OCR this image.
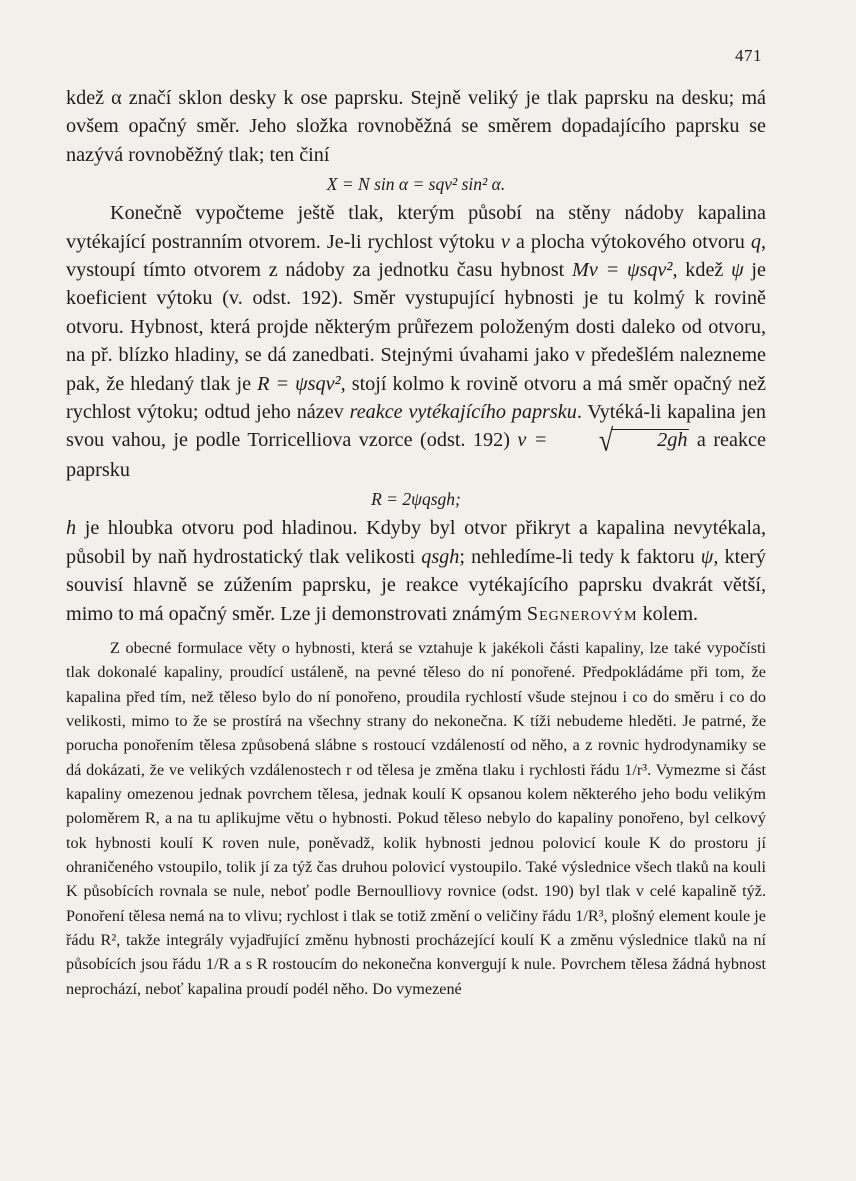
471

kdež α značí sklon desky k ose paprsku. Stejně veliký je tlak paprsku na desku; má ovšem opačný směr. Jeho složka rovnoběžná se směrem dopadajícího paprsku se nazývá rovnoběžný tlak; ten činí

X = N sin α = sqv² sin² α.

Konečně vypočteme ještě tlak, kterým působí na stěny nádoby kapalina vytékající postranním otvorem. Je-li rychlost výtoku v a plocha výtokového otvoru q, vystoupí tímto otvorem z nádoby za jednotku času hybnost Mv = ψsqv², kdež ψ je koeficient výtoku (v. odst. 192). Směr vystupující hybnosti je tu kolmý k rovině otvoru. Hybnost, která projde některým průřezem položeným dosti daleko od otvoru, na př. blízko hladiny, se dá zanedbati. Stejnými úvahami jako v předešlém nalezneme pak, že hledaný tlak je R = ψsqv², stojí kolmo k rovině otvoru a má směr opačný než rychlost výtoku; odtud jeho název reakce vytékajícího paprsku. Vytéká-li kapalina jen svou vahou, je podle Torricelliova vzorce (odst. 192) v = √ 2gh a reakce paprsku

R = 2ψqsgh;

h je hloubka otvoru pod hladinou. Kdyby byl otvor přikryt a kapalina nevytékala, působil by naň hydrostatický tlak velikosti qsgh; nehledíme-li tedy k faktoru ψ, který souvisí hlavně se zúžením paprsku, je reakce vytékajícího paprsku dvakrát větší, mimo to má opačný směr. Lze ji demonstrovati známým Segnerovým kolem.

Z obecné formulace věty o hybnosti, která se vztahuje k jakékoli části kapaliny, lze také vypočísti tlak dokonalé kapaliny, proudící ustáleně, na pevné těleso do ní ponořené. Předpokládáme při tom, že kapalina před tím, než těleso bylo do ní ponořeno, proudila rychlostí všude stejnou i co do směru i co do velikosti, mimo to že se prostírá na všechny strany do nekonečna. K tíži nebudeme hleděti. Je patrné, že porucha ponořením tělesa způsobená slábne s rostoucí vzdáleností od něho, a z rovnic hydrodynamiky se dá dokázati, že ve velikých vzdálenostech r od tělesa je změna tlaku i rychlosti řádu 1/r³. Vymezme si část kapaliny omezenou jednak povrchem tělesa, jednak koulí K opsanou kolem některého jeho bodu velikým poloměrem R, a na tu aplikujme větu o hybnosti. Pokud těleso nebylo do kapaliny ponořeno, byl celkový tok hybnosti koulí K roven nule, poněvadž, kolik hybnosti jednou polovicí koule K do prostoru jí ohraničeného vstoupilo, tolik jí za týž čas druhou polovicí vystoupilo. Také výslednice všech tlaků na kouli K působících rovnala se nule, neboť podle Bernoulliovy rovnice (odst. 190) byl tlak v celé kapalině týž. Ponoření tělesa nemá na to vlivu; rychlost i tlak se totiž změní o veličiny řádu 1/R³, plošný element koule je řádu R², takže integrály vyjadřující změnu hybnosti procházející koulí K a změnu výslednice tlaků na ní působících jsou řádu 1/R a s R rostoucím do nekonečna konvergují k nule. Povrchem tělesa žádná hybnost neprochází, neboť kapalina proudí podél něho. Do vymezené
